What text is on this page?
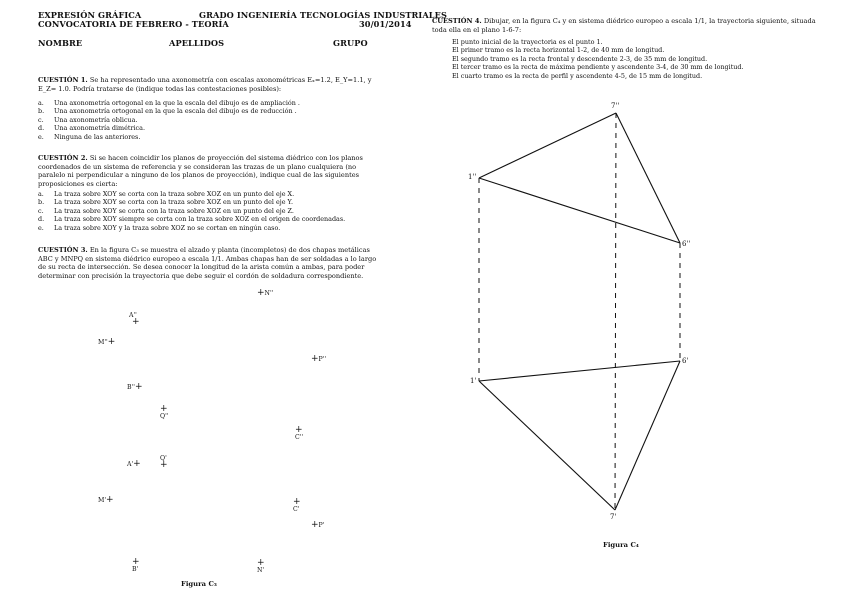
EXPRESIÓN GRÁFICA	GRADO INGENIERÍA TECNOLOGÍAS INDUSTRIALES
CONVOCATORIA DE FEBRERO - TEORÍA	30/01/2014
NOMBRE	APELLIDOS	GRUPO
CUESTIÓN 1. Se ha representado una axonometría con escalas axonométricas Eₓ=1.2, E_Y=1.1, y E_Z= 1.0. Podría tratarse de (indique todas las contestaciones posibles):
a. Una axonometría ortogonal en la que la escala del dibujo es de ampliación .
b. Una axonometría ortogonal en la que la escala del dibujo es de reducción .
c. Una axonometría oblicua.
d. Una axonometría dimétrica.
e. Ninguna de las anteriores.
CUESTIÓN 2. Si se hacen coincidir los planos de proyección del sistema diédrico con los planos coordenados de un sistema de referencia y se consideran las trazas de un plano cualquiera (no paralelo ni perpendicular a ninguno de los planos de proyección), indique cual de las siguientes proposiciones es cierta:
a. La traza sobre XOY se corta con la traza sobre XOZ en un punto del eje X.
b. La traza sobre XOY se corta con la traza sobre XOZ en un punto del eje Y.
c. La traza sobre XOY se corta con la traza sobre XOZ en un punto del eje Z.
d. La traza sobre XOY siempre se corta con la traza sobre XOZ en el origen de coordenadas.
e. La traza sobre XOY y la traza sobre XOZ no se cortan en ningún caso.
CUESTIÓN 3. En la figura C₃ se muestra el alzado y planta (incompletos) de dos chapas metálicas ABC y MNPQ en sistema diédrico europeo a escala 1/1. Ambas chapas han de ser soldadas a lo largo de su recta de intersección. Se desea conocer la longitud de la arista común a ambas, para poder determinar con precisión la trayectoria que debe seguir el cordón de soldadura correspondiente.
+N''
A''
+
M''+
+P''
B''+
+
Q''
+
C''
A'+
Q'
+
M'+	+
C'
+P'
+
B'
+
N'
Figura C₃
CUESTIÓN 4. Dibujar, en la figura C₄ y en sistema diédrico europeo a escala 1/1, la trayectoria siguiente, situada toda ella en el plano 1-6-7:
El punto inicial de la trayectoria es el punto 1.
El primer tramo es la recta horizontal 1-2, de 40 mm de longitud.
El segundo tramo es la recta frontal y descendente 2-3, de 35 mm de longitud.
El tercer tramo es la recta de máxima pendiente y ascendente 3-4, de 30 mm de longitud.
El cuarto tramo es la recta de perfil y ascendente 4-5, de 15 mm de longitud.
7''
1''
6''
1'
6'
7'
Figura C₄
